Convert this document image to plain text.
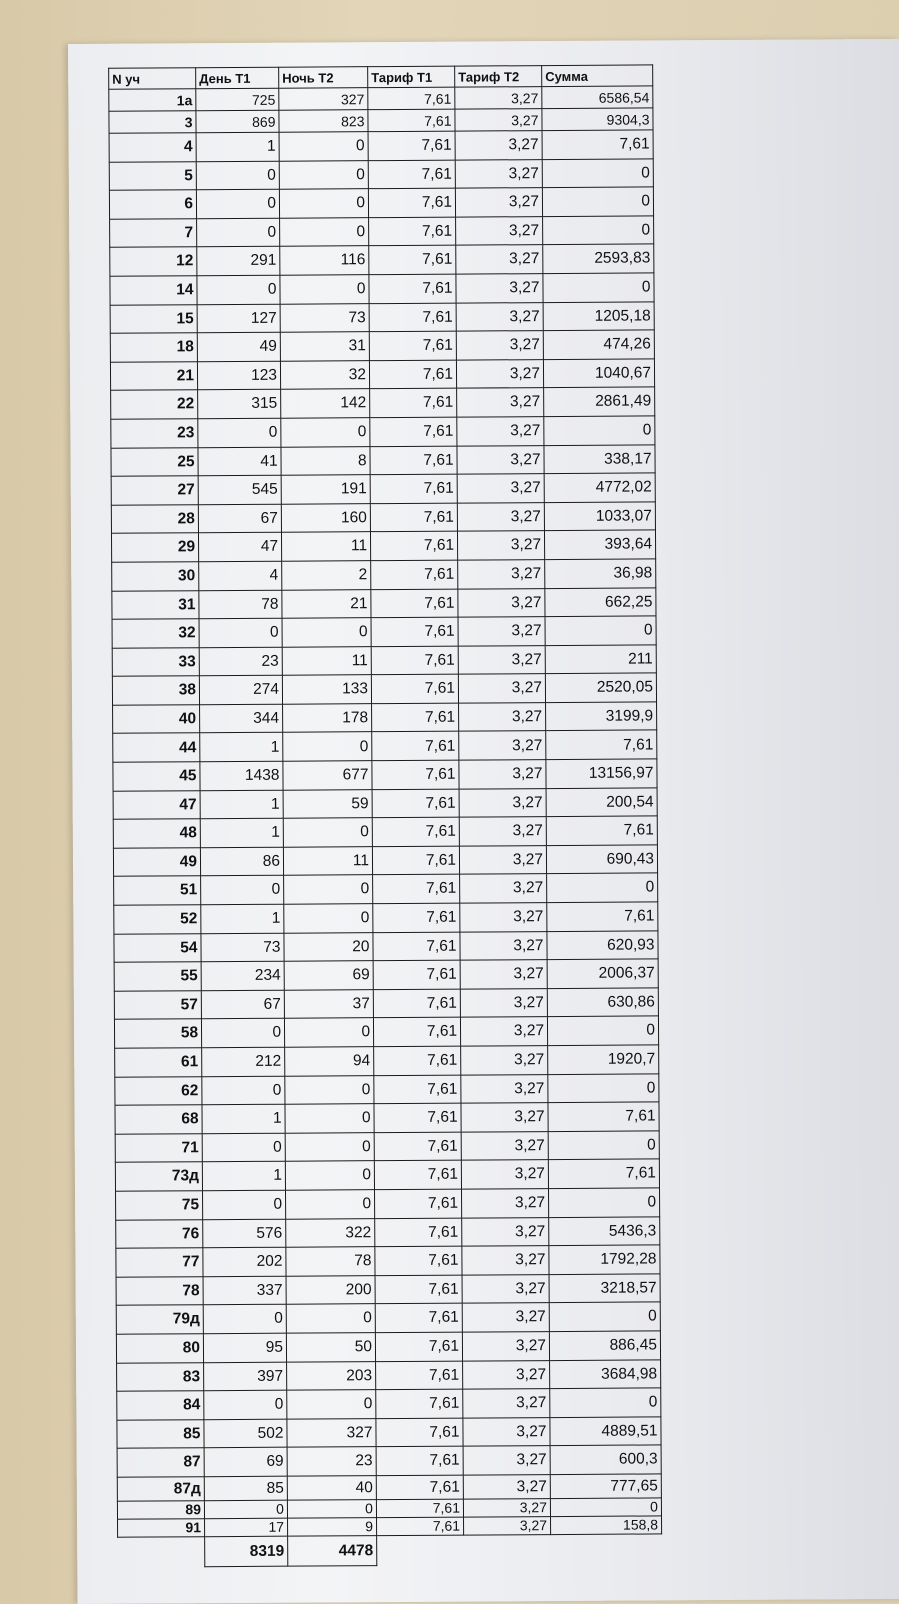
N уч	День Т1	Ночь Т2	Тариф Т1	Тариф Т2	Сумма
1а	725	327	7,61	3,27	6586,54
3	869	823	7,61	3,27	9304,3
4	1	0	7,61	3,27	7,61
5	0	0	7,61	3,27	0
6	0	0	7,61	3,27	0
7	0	0	7,61	3,27	0
12	291	116	7,61	3,27	2593,83
14	0	0	7,61	3,27	0
15	127	73	7,61	3,27	1205,18
18	49	31	7,61	3,27	474,26
21	123	32	7,61	3,27	1040,67
22	315	142	7,61	3,27	2861,49
23	0	0	7,61	3,27	0
25	41	8	7,61	3,27	338,17
27	545	191	7,61	3,27	4772,02
28	67	160	7,61	3,27	1033,07
29	47	11	7,61	3,27	393,64
30	4	2	7,61	3,27	36,98
31	78	21	7,61	3,27	662,25
32	0	0	7,61	3,27	0
33	23	11	7,61	3,27	211
38	274	133	7,61	3,27	2520,05
40	344	178	7,61	3,27	3199,9
44	1	0	7,61	3,27	7,61
45	1438	677	7,61	3,27	13156,97
47	1	59	7,61	3,27	200,54
48	1	0	7,61	3,27	7,61
49	86	11	7,61	3,27	690,43
51	0	0	7,61	3,27	0
52	1	0	7,61	3,27	7,61
54	73	20	7,61	3,27	620,93
55	234	69	7,61	3,27	2006,37
57	67	37	7,61	3,27	630,86
58	0	0	7,61	3,27	0
61	212	94	7,61	3,27	1920,7
62	0	0	7,61	3,27	0
68	1	0	7,61	3,27	7,61
71	0	0	7,61	3,27	0
73д	1	0	7,61	3,27	7,61
75	0	0	7,61	3,27	0
76	576	322	7,61	3,27	5436,3
77	202	78	7,61	3,27	1792,28
78	337	200	7,61	3,27	3218,57
79д	0	0	7,61	3,27	0
80	95	50	7,61	3,27	886,45
83	397	203	7,61	3,27	3684,98
84	0	0	7,61	3,27	0
85	502	327	7,61	3,27	4889,51
87	69	23	7,61	3,27	600,3
87д	85	40	7,61	3,27	777,65
89	0	0	7,61	3,27	0
91	17	9	7,61	3,27	158,8
	8319	4478			
